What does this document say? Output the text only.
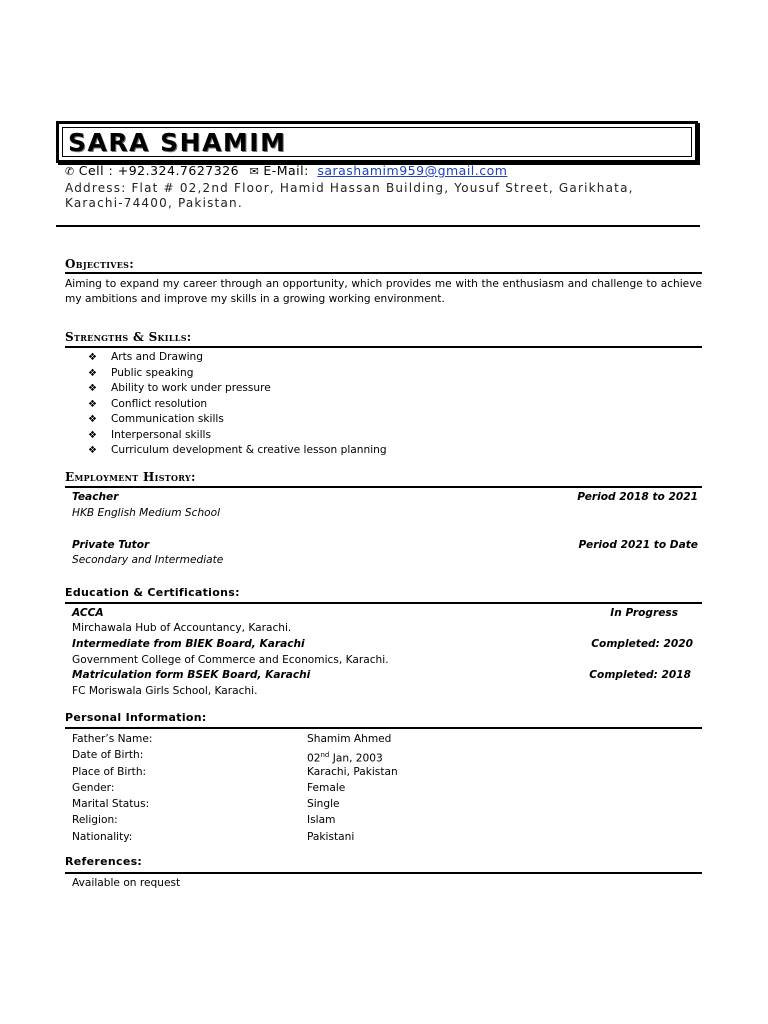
SARA SHAMIM
✆ Cell : +92.324.7627326 ✉ E-Mail: sarashamim959@gmail.com
Address: Flat # 02,2nd Floor, Hamid Hassan Building, Yousuf Street, Garikhata,
Karachi-74400, Pakistan.
Objectives:
Aiming to expand my career through an opportunity, which provides me with the enthusiasm and challenge to achieve my ambitions and improve my skills in a growing working environment.
Strengths & Skills:
❖ Arts and Drawing
❖ Public speaking
❖ Ability to work under pressure
❖ Conflict resolution
❖ Communication skills
❖ Interpersonal skills
❖ Curriculum development & creative lesson planning
Employment History:
Teacher	Period 2018 to 2021
HKB English Medium School
Private Tutor	Period 2021 to Date
Secondary and Intermediate
Education & Certifications:
ACCA	In Progress
Mirchawala Hub of Accountancy, Karachi.
Intermediate from BIEK Board, Karachi	Completed: 2020
Government College of Commerce and Economics, Karachi.
Matriculation form BSEK Board, Karachi	Completed: 2018
FC Moriswala Girls School, Karachi.
Personal Information:
Father’s Name:	Shamim Ahmed
Date of Birth:	02nd Jan, 2003
Place of Birth:	Karachi, Pakistan
Gender:	Female
Marital Status:	Single
Religion:	Islam
Nationality:	Pakistani
References:
Available on request
